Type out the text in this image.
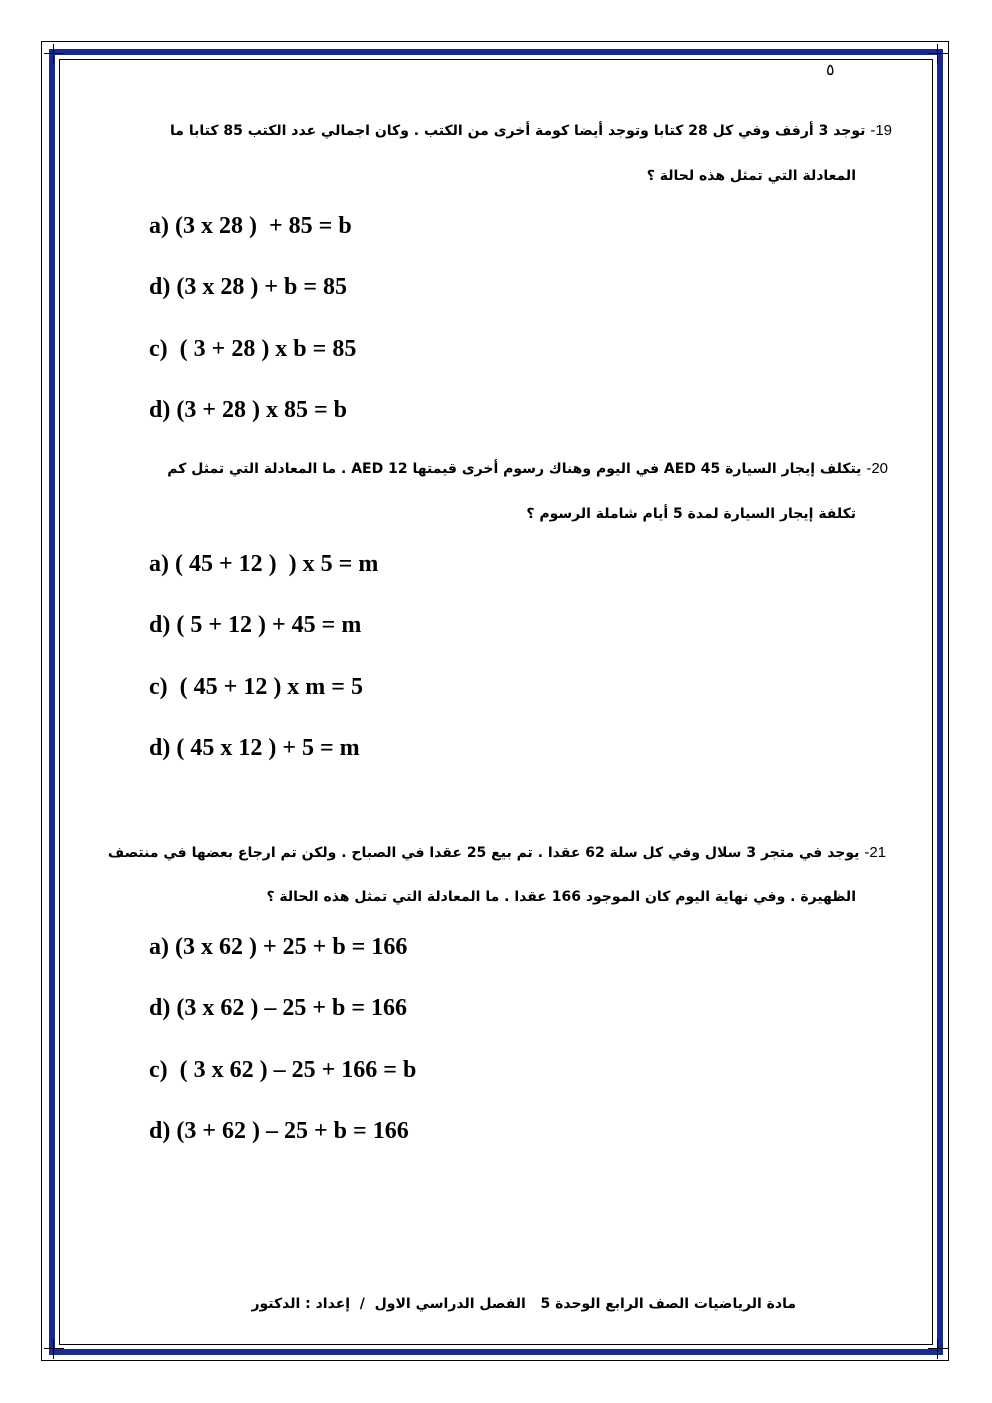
٥
19- توجد 3 أرفف وفي كل 28 كتابا وتوجد أيضا كومة أخرى من الكتب . وكان اجمالي عدد الكتب 85 كتابا ما
المعادلة التي تمثل هذه لحالة ؟
a) (3 x 28 )  + 85 = b
d) (3 x 28 ) + b = 85
c)  ( 3 + 28 ) x b = 85
d) (3 + 28 ) x 85 = b
20- يتكلف إيجار السيارة 45 AED في اليوم وهناك رسوم أخرى قيمتها 12 AED . ما المعادلة التي تمثل كم
تكلفة إيجار السيارة لمدة 5 أيام شاملة الرسوم ؟
a) ( 45 + 12 )  ) x 5 = m
d) ( 5 + 12 ) + 45 = m
c)  ( 45 + 12 ) x m = 5
d) ( 45 x 12 ) + 5 = m
21- يوجد في متجر 3 سلال وفي كل سلة 62 عقدا . تم بيع 25 عقدا في الصباح . ولكن تم ارجاع بعضها في منتصف
الظهيرة . وفي نهاية اليوم كان الموجود 166 عقدا . ما المعادلة التي تمثل هذه الحالة ؟
a) (3 x 62 ) + 25 + b = 166
d) (3 x 62 ) – 25 + b = 166
c)  ( 3 x 62 ) – 25 + 166 = b
d) (3 + 62 ) – 25 + b = 166
مادة الرياضيات الصف الرابع الوحدة 5   الفصل الدراسي الاول  /  إعداد : الدكتور
